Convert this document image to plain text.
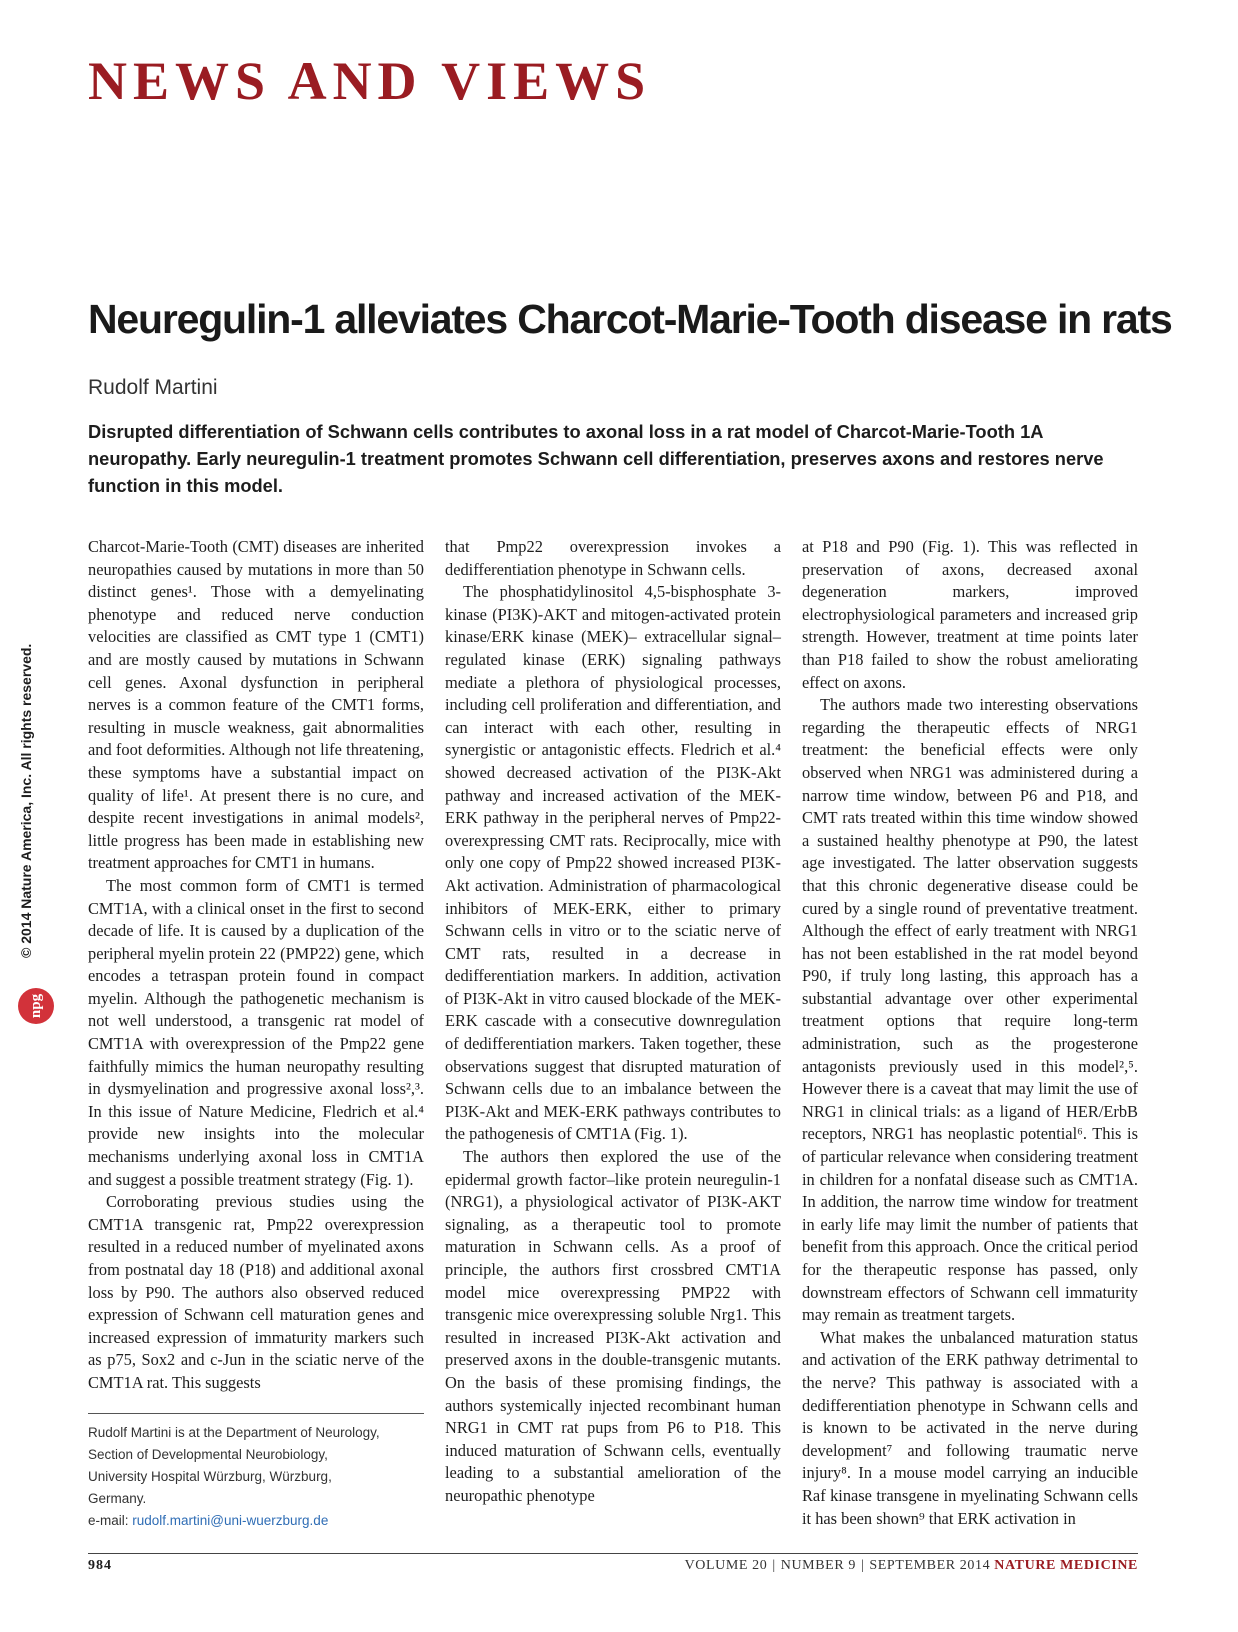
NEWS AND VIEWS
© 2014 Nature America, Inc. All rights reserved.
npg
Neuregulin-1 alleviates Charcot-Marie-Tooth disease in rats

Rudolf Martini

Disrupted differentiation of Schwann cells contributes to axonal loss in a rat model of Charcot-Marie-Tooth 1A neuropathy. Early neuregulin-1 treatment promotes Schwann cell differentiation, preserves axons and restores nerve function in this model.

Charcot-Marie-Tooth (CMT) diseases are inherited neuropathies caused by mutations in more than 50 distinct genes¹. Those with a demyelinating phenotype and reduced nerve conduction velocities are classified as CMT type 1 (CMT1) and are mostly caused by mutations in Schwann cell genes. Axonal dysfunction in peripheral nerves is a common feature of the CMT1 forms, resulting in muscle weakness, gait abnormalities and foot deformities. Although not life threatening, these symptoms have a substantial impact on quality of life¹. At present there is no cure, and despite recent investigations in animal models², little progress has been made in establishing new treatment approaches for CMT1 in humans.

The most common form of CMT1 is termed CMT1A, with a clinical onset in the first to second decade of life. It is caused by a duplication of the peripheral myelin protein 22 (PMP22) gene, which encodes a tetraspan protein found in compact myelin. Although the pathogenetic mechanism is not well understood, a transgenic rat model of CMT1A with overexpression of the Pmp22 gene faithfully mimics the human neuropathy resulting in dysmyelination and progressive axonal loss²,³. In this issue of Nature Medicine, Fledrich et al.⁴ provide new insights into the molecular mechanisms underlying axonal loss in CMT1A and suggest a possible treatment strategy (Fig. 1).

Corroborating previous studies using the CMT1A transgenic rat, Pmp22 overexpression resulted in a reduced number of myelinated axons from postnatal day 18 (P18) and additional axonal loss by P90. The authors also observed reduced expression of Schwann cell maturation genes and increased expression of immaturity markers such as p75, Sox2 and c-Jun in the sciatic nerve of the CMT1A rat. This suggests

that Pmp22 overexpression invokes a dedifferentiation phenotype in Schwann cells.

The phosphatidylinositol 4,5-bisphosphate 3-kinase (PI3K)-AKT and mitogen-activated protein kinase/ERK kinase (MEK)– extracellular signal–regulated kinase (ERK) signaling pathways mediate a plethora of physiological processes, including cell proliferation and differentiation, and can interact with each other, resulting in synergistic or antagonistic effects. Fledrich et al.⁴ showed decreased activation of the PI3K-Akt pathway and increased activation of the MEK-ERK pathway in the peripheral nerves of Pmp22-overexpressing CMT rats. Reciprocally, mice with only one copy of Pmp22 showed increased PI3K-Akt activation. Administration of pharmacological inhibitors of MEK-ERK, either to primary Schwann cells in vitro or to the sciatic nerve of CMT rats, resulted in a decrease in dedifferentiation markers. In addition, activation of PI3K-Akt in vitro caused blockade of the MEK-ERK cascade with a consecutive downregulation of dedifferentiation markers. Taken together, these observations suggest that disrupted maturation of Schwann cells due to an imbalance between the PI3K-Akt and MEK-ERK pathways contributes to the pathogenesis of CMT1A (Fig. 1).

The authors then explored the use of the epidermal growth factor–like protein neuregulin-1 (NRG1), a physiological activator of PI3K-AKT signaling, as a therapeutic tool to promote maturation in Schwann cells. As a proof of principle, the authors first crossbred CMT1A model mice overexpressing PMP22 with transgenic mice overexpressing soluble Nrg1. This resulted in increased PI3K-Akt activation and preserved axons in the double-transgenic mutants. On the basis of these promising findings, the authors systemically injected recombinant human NRG1 in CMT rat pups from P6 to P18. This induced maturation of Schwann cells, eventually leading to a substantial amelioration of the neuropathic phenotype

at P18 and P90 (Fig. 1). This was reflected in preservation of axons, decreased axonal degeneration markers, improved electrophysiological parameters and increased grip strength. However, treatment at time points later than P18 failed to show the robust ameliorating effect on axons.

The authors made two interesting observations regarding the therapeutic effects of NRG1 treatment: the beneficial effects were only observed when NRG1 was administered during a narrow time window, between P6 and P18, and CMT rats treated within this time window showed a sustained healthy phenotype at P90, the latest age investigated. The latter observation suggests that this chronic degenerative disease could be cured by a single round of preventative treatment. Although the effect of early treatment with NRG1 has not been established in the rat model beyond P90, if truly long lasting, this approach has a substantial advantage over other experimental treatment options that require long-term administration, such as the progesterone antagonists previously used in this model²,⁵. However there is a caveat that may limit the use of NRG1 in clinical trials: as a ligand of HER/ErbB receptors, NRG1 has neoplastic potential⁶. This is of particular relevance when considering treatment in children for a nonfatal disease such as CMT1A. In addition, the narrow time window for treatment in early life may limit the number of patients that benefit from this approach. Once the critical period for the therapeutic response has passed, only downstream effectors of Schwann cell immaturity may remain as treatment targets.

What makes the unbalanced maturation status and activation of the ERK pathway detrimental to the nerve? This pathway is associated with a dedifferentiation phenotype in Schwann cells and is known to be activated in the nerve during development⁷ and following traumatic nerve injury⁸. In a mouse model carrying an inducible Raf kinase transgene in myelinating Schwann cells it has been shown⁹ that ERK activation in

Rudolf Martini is at the Department of Neurology,

Section of Developmental Neurobiology,

University Hospital Würzburg, Würzburg,

Germany.

e-mail: rudolf.martini@uni-wuerzburg.de

984	VOLUME 20 | NUMBER 9 | SEPTEMBER 2014 NATURE MEDICINE
